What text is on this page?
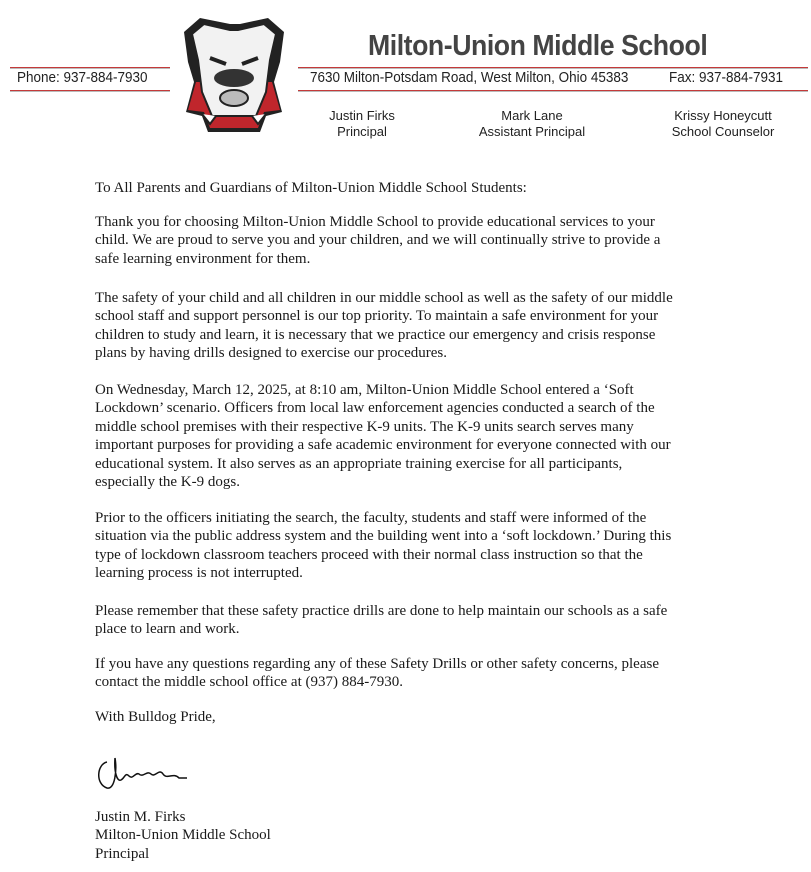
Milton-Union Middle School
Phone: 937-884-7930	7630 Milton-Potsdam Road, West Milton, Ohio 45383	Fax: 937-884-7931
Justin Firks
Principal
Mark Lane
Assistant Principal
Krissy Honeycutt
School Counselor
To All Parents and Guardians of Milton-Union Middle School Students:
Thank you for choosing Milton-Union Middle School to provide educational services to your
child. We are proud to serve you and your children, and we will continually strive to provide a
safe learning environment for them.
The safety of your child and all children in our middle school as well as the safety of our middle
school staff and support personnel is our top priority. To maintain a safe environment for your
children to study and learn, it is necessary that we practice our emergency and crisis response
plans by having drills designed to exercise our procedures.
On Wednesday, March 12, 2025, at 8:10 am, Milton-Union Middle School entered a ‘Soft
Lockdown’ scenario. Officers from local law enforcement agencies conducted a search of the
middle school premises with their respective K-9 units. The K-9 units search serves many
important purposes for providing a safe academic environment for everyone connected with our
educational system. It also serves as an appropriate training exercise for all participants,
especially the K-9 dogs.
Prior to the officers initiating the search, the faculty, students and staff were informed of the
situation via the public address system and the building went into a ‘soft lockdown.’ During this
type of lockdown classroom teachers proceed with their normal class instruction so that the
learning process is not interrupted.
Please remember that these safety practice drills are done to help maintain our schools as a safe
place to learn and work.
If you have any questions regarding any of these Safety Drills or other safety concerns, please
contact the middle school office at (937) 884-7930.
With Bulldog Pride,
Justin M. Firks
Milton-Union Middle School
Principal
